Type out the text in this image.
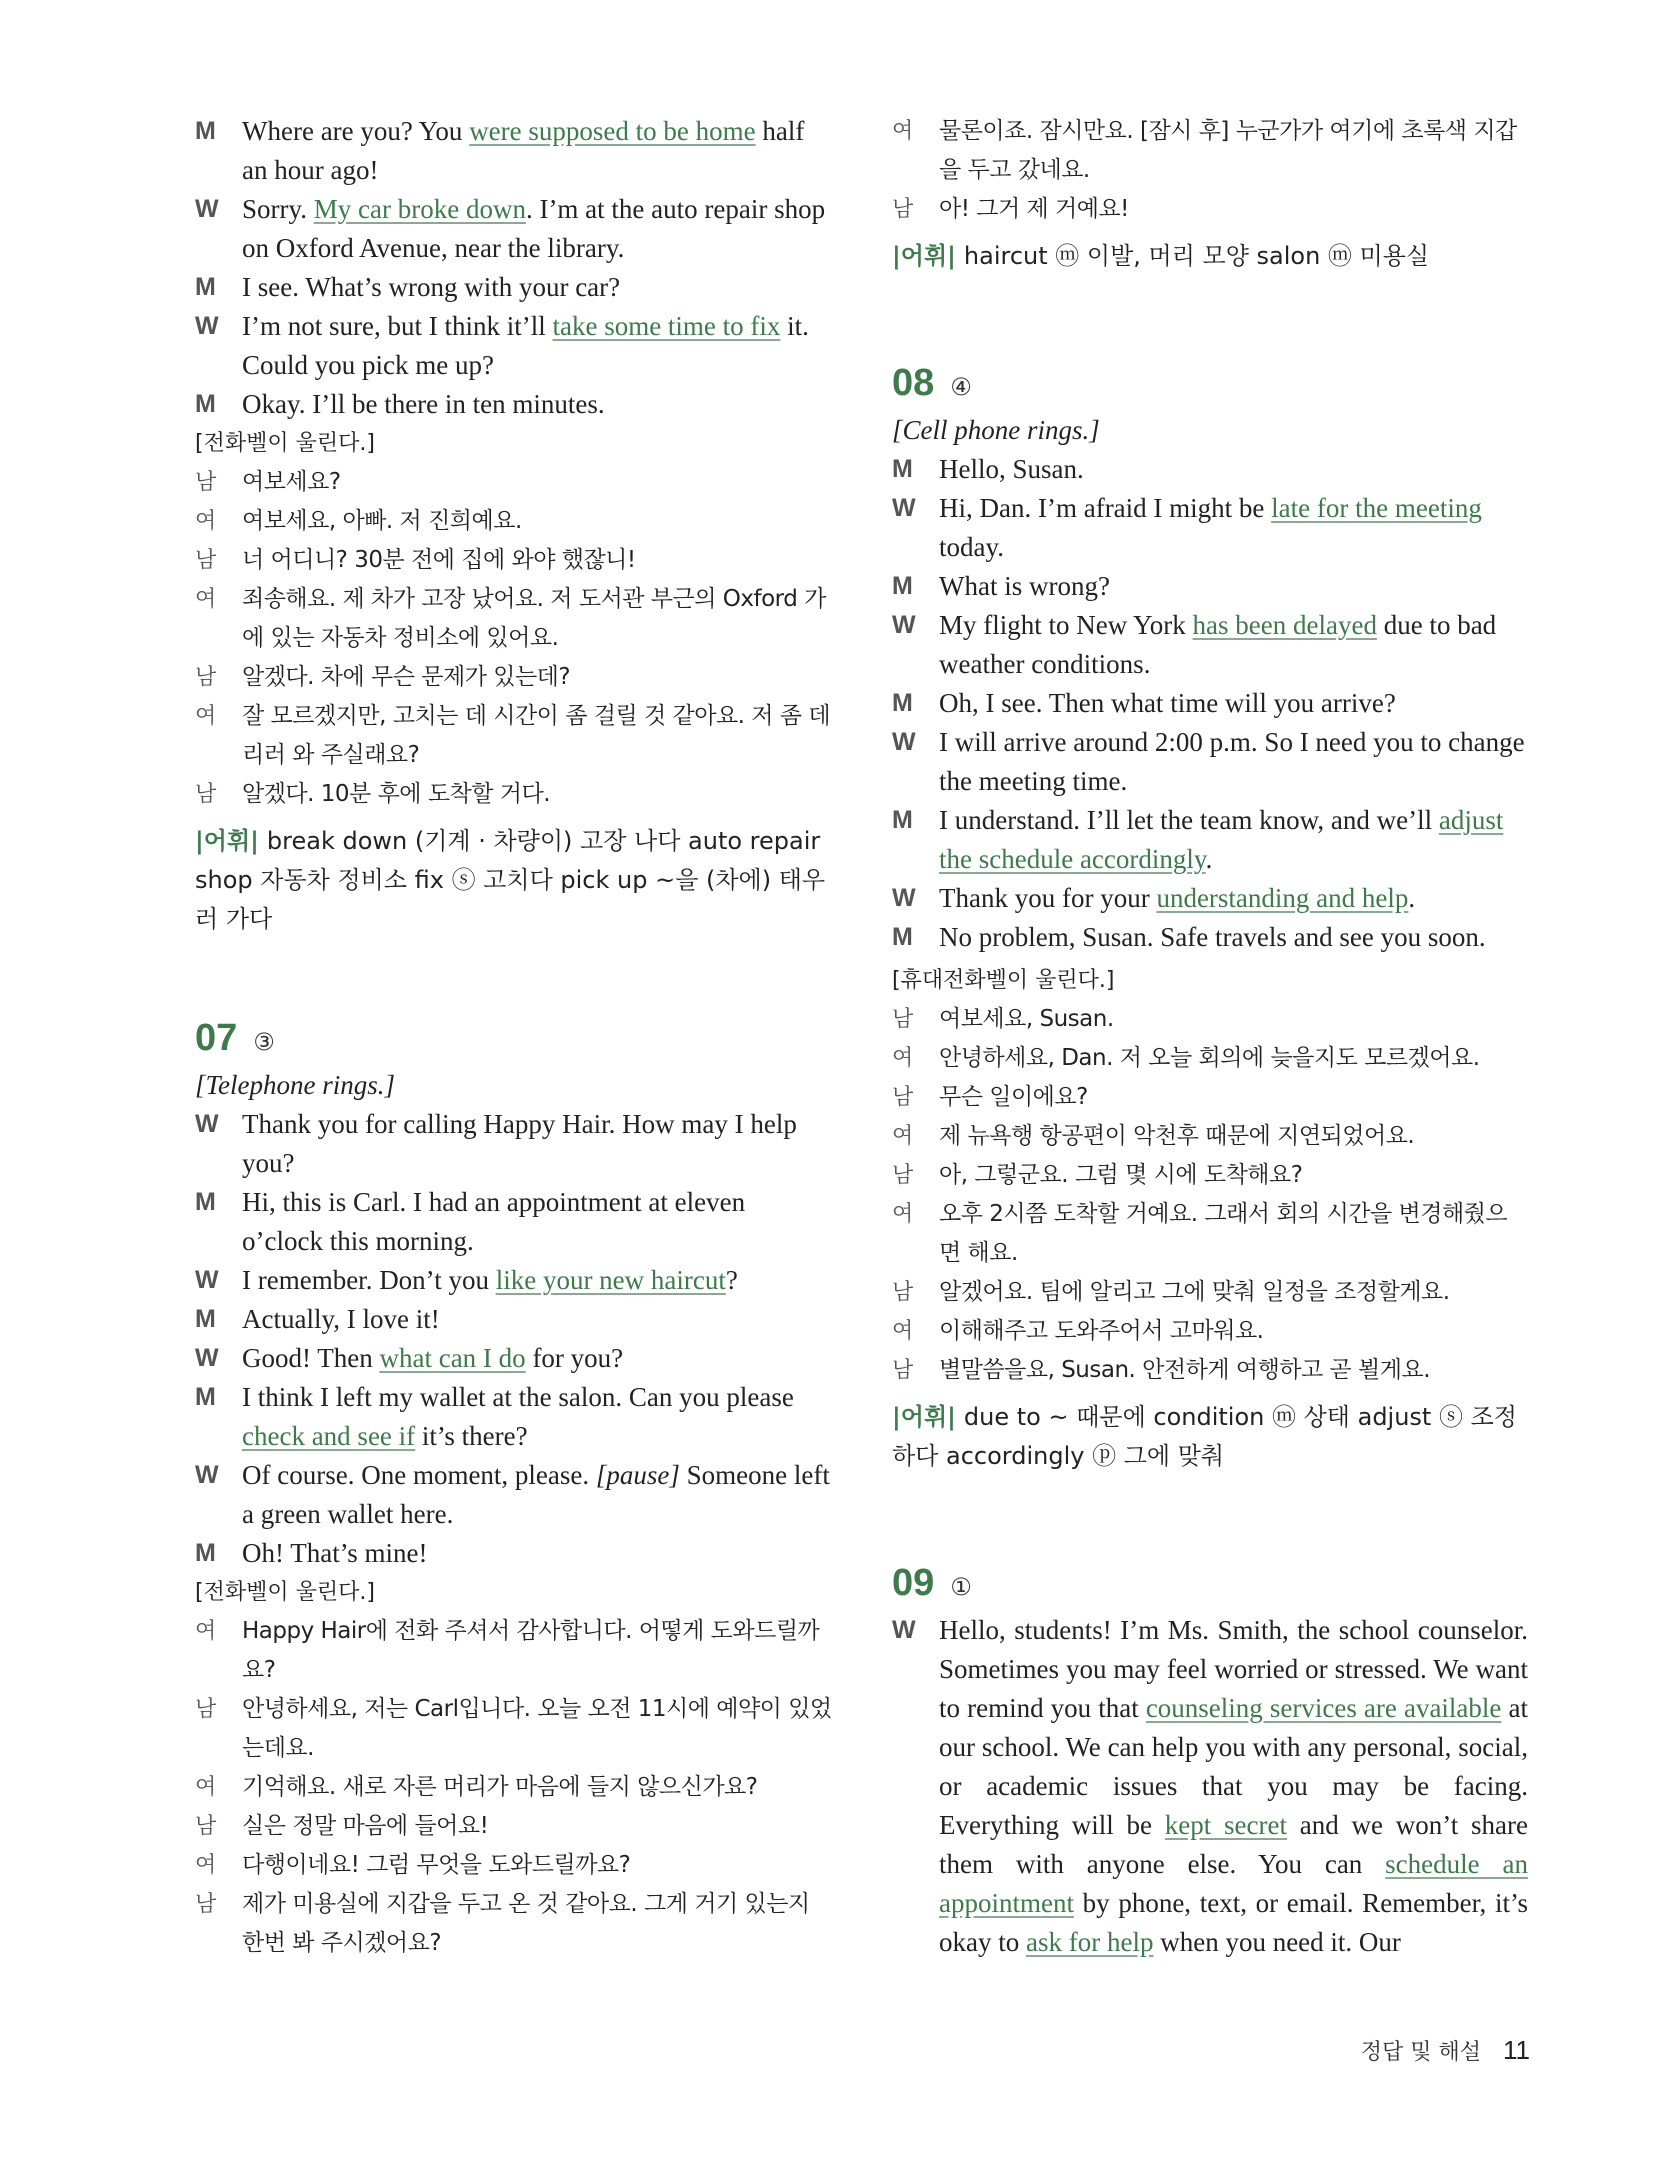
M Where are you? You were supposed to be home half an hour ago!
W Sorry. My car broke down. I’m at the auto repair shop on Oxford Avenue, near the library.
M I see. What’s wrong with your car?
W I’m not sure, but I think it’ll take some time to fix it. Could you pick me up?
M Okay. I’ll be there in ten minutes.
[전화벨이 울린다.]
남	여보세요?
여	여보세요, 아빠. 저 진희예요.
남	너 어디니? 30분 전에 집에 와야 했잖니!
여	죄송해요. 제 차가 고장 났어요. 저 도서관 부근의 Oxford 가에 있는 자동차 정비소에 있어요.
남	알겠다. 차에 무슨 문제가 있는데?
여	잘 모르겠지만, 고치는 데 시간이 좀 걸릴 것 같아요. 저 좀 데리러 와 주실래요?
남	알겠다. 10분 후에 도착할 거다.
|어휘| break down (기계 · 차량이) 고장 나다 auto repair shop 자동차 정비소 fix ⓢ 고치다 pick up ~을 (차에) 태우러 가다
07 ③
[Telephone rings.]
W Thank you for calling Happy Hair. How may I help you?
M Hi, this is Carl. I had an appointment at eleven o’clock this morning.
W I remember. Don’t you like your new haircut?
M Actually, I love it!
W Good! Then what can I do for you?
M I think I left my wallet at the salon. Can you please check and see if it’s there?
W Of course. One moment, please. [pause] Someone left a green wallet here.
M Oh! That’s mine!
[전화벨이 울린다.]
여	Happy Hair에 전화 주셔서 감사합니다. 어떻게 도와드릴까요?
남	안녕하세요, 저는 Carl입니다. 오늘 오전 11시에 예약이 있었는데요.
여	기억해요. 새로 자른 머리가 마음에 들지 않으신가요?
남	실은 정말 마음에 들어요!
여	다행이네요! 그럼 무엇을 도와드릴까요?
남	제가 미용실에 지갑을 두고 온 것 같아요. 그게 거기 있는지 한번 봐 주시겠어요?
여	물론이죠. 잠시만요. [잠시 후] 누군가가 여기에 초록색 지갑을 두고 갔네요.
남	아! 그거 제 거예요!
|어휘| haircut ⓜ 이발, 머리 모양 salon ⓜ 미용실
08 ④
[Cell phone rings.]
M Hello, Susan.
W Hi, Dan. I’m afraid I might be late for the meeting today.
M What is wrong?
W My flight to New York has been delayed due to bad weather conditions.
M Oh, I see. Then what time will you arrive?
W I will arrive around 2:00 p.m. So I need you to change the meeting time.
M I understand. I’ll let the team know, and we’ll adjust the schedule accordingly.
W Thank you for your understanding and help.
M No problem, Susan. Safe travels and see you soon.
[휴대전화벨이 울린다.]
남	여보세요, Susan.
여	안녕하세요, Dan. 저 오늘 회의에 늦을지도 모르겠어요.
남	무슨 일이에요?
여	제 뉴욕행 항공편이 악천후 때문에 지연되었어요.
남	아, 그렇군요. 그럼 몇 시에 도착해요?
여	오후 2시쯤 도착할 거예요. 그래서 회의 시간을 변경해줬으면 해요.
남	알겠어요. 팀에 알리고 그에 맞춰 일정을 조정할게요.
여	이해해주고 도와주어서 고마워요.
남	별말씀을요, Susan. 안전하게 여행하고 곧 뵐게요.
|어휘| due to ~ 때문에 condition ⓜ 상태 adjust ⓢ 조정하다 accordingly ⓟ 그에 맞춰
09 ①
W Hello, students! I’m Ms. Smith, the school counselor. Sometimes you may feel worried or stressed. We want to remind you that counseling services are available at our school. We can help you with any personal, social, or academic issues that you may be facing. Everything will be kept secret and we won’t share them with anyone else. You can schedule an appointment by phone, text, or email. Remember, it’s okay to ask for help when you need it. Our
정답 및 해설 11
